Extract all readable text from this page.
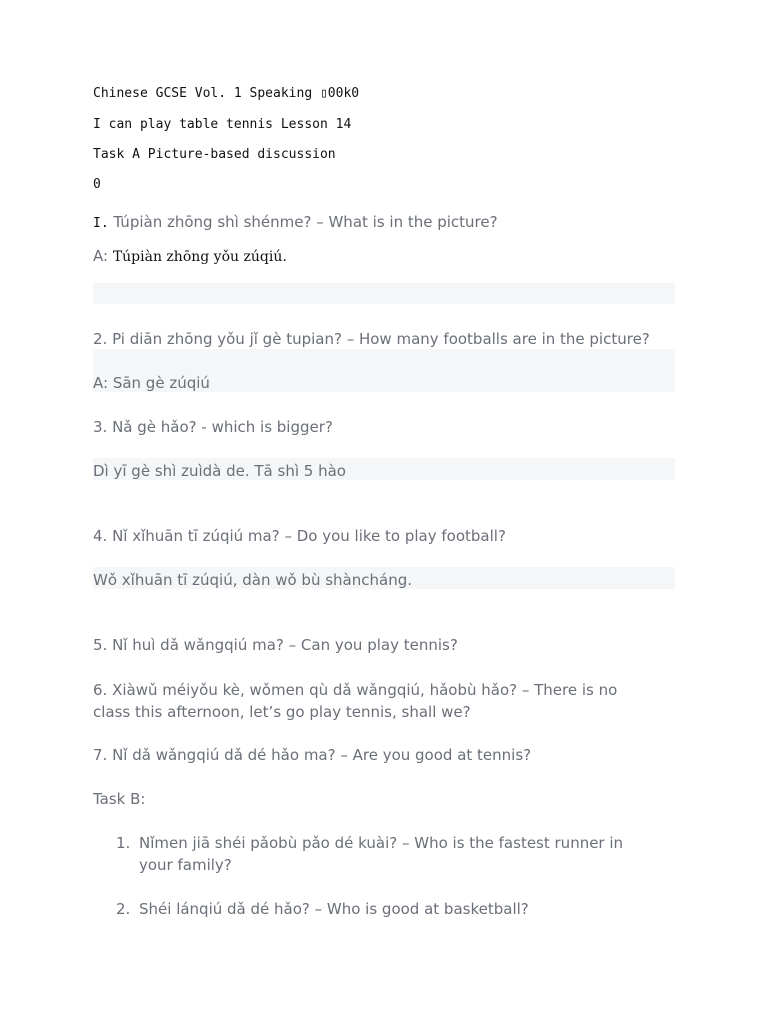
Chinese GCSE Vol. 1 Speaking ▯00k0
I can play table tennis Lesson 14
Task A Picture-based discussion
0
I. Túpiàn zhōng shì shénme? – What is in the picture?
A: Túpiàn zhōng yǒu zúqiú.
2. Pi diān zhōng yǒu jǐ gè tupian? – How many footballs are in the picture?
A: Sān gè zúqiú
3. Nǎ gè hǎo? - which is bigger?
Dì yī gè shì zuìdà de. Tā shì 5 hào
4. Nǐ xǐhuān tī zúqiú ma? – Do you like to play football?
Wǒ xǐhuān tī zúqiú, dàn wǒ bù shàncháng.
5. Nǐ huì dǎ wǎngqiú ma? – Can you play tennis?
6. Xiàwǔ méiyǒu kè, wǒmen qù dǎ wǎngqiú, hǎobù hǎo? – There is no
class this afternoon, let’s go play tennis, shall we?
7. Nǐ dǎ wǎngqiú dǎ dé hǎo ma? – Are you good at tennis?
Task B:
1. Nǐmen jiā shéi pǎobù pǎo dé kuài? – Who is the fastest runner in
your family?
2. Shéi lánqiú dǎ dé hǎo? – Who is good at basketball?
